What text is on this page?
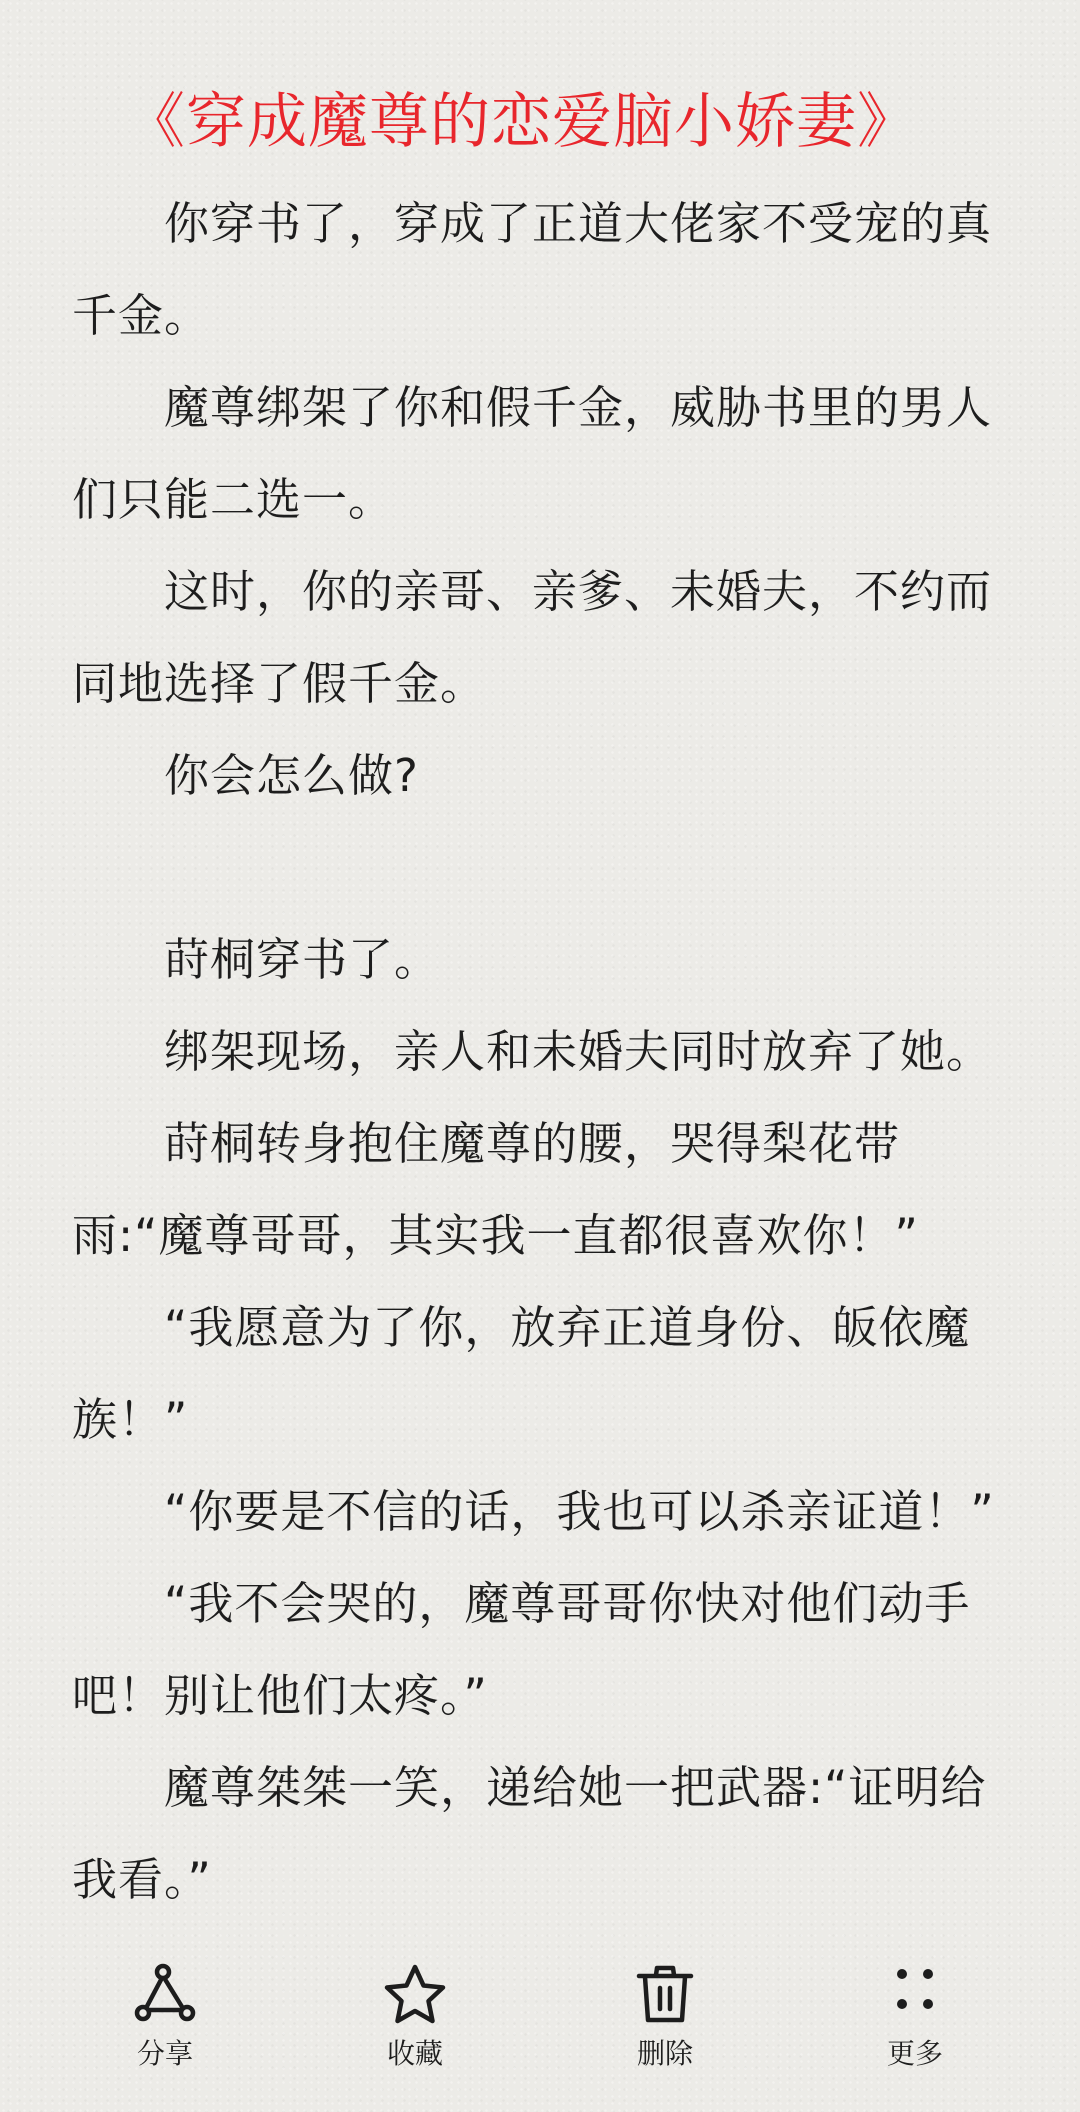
《穿成魔尊的恋爱脑小娇妻》

你穿书了，穿成了正道大佬家不受宠的真千金。

魔尊绑架了你和假千金，威胁书里的男人们只能二选一。

这时，你的亲哥、亲爹、未婚夫，不约而同地选择了假千金。

你会怎么做?

莳桐穿书了。

绑架现场，亲人和未婚夫同时放弃了她。

莳桐转身抱住魔尊的腰，哭得梨花带雨:“魔尊哥哥，其实我一直都很喜欢你！”

“我愿意为了你，放弃正道身份、皈依魔族！”

“你要是不信的话，我也可以杀亲证道！”

“我不会哭的，魔尊哥哥你快对他们动手吧！别让他们太疼。”

魔尊桀桀一笑，递给她一把武器:“证明给我看。”

分享	收藏	删除	更多
